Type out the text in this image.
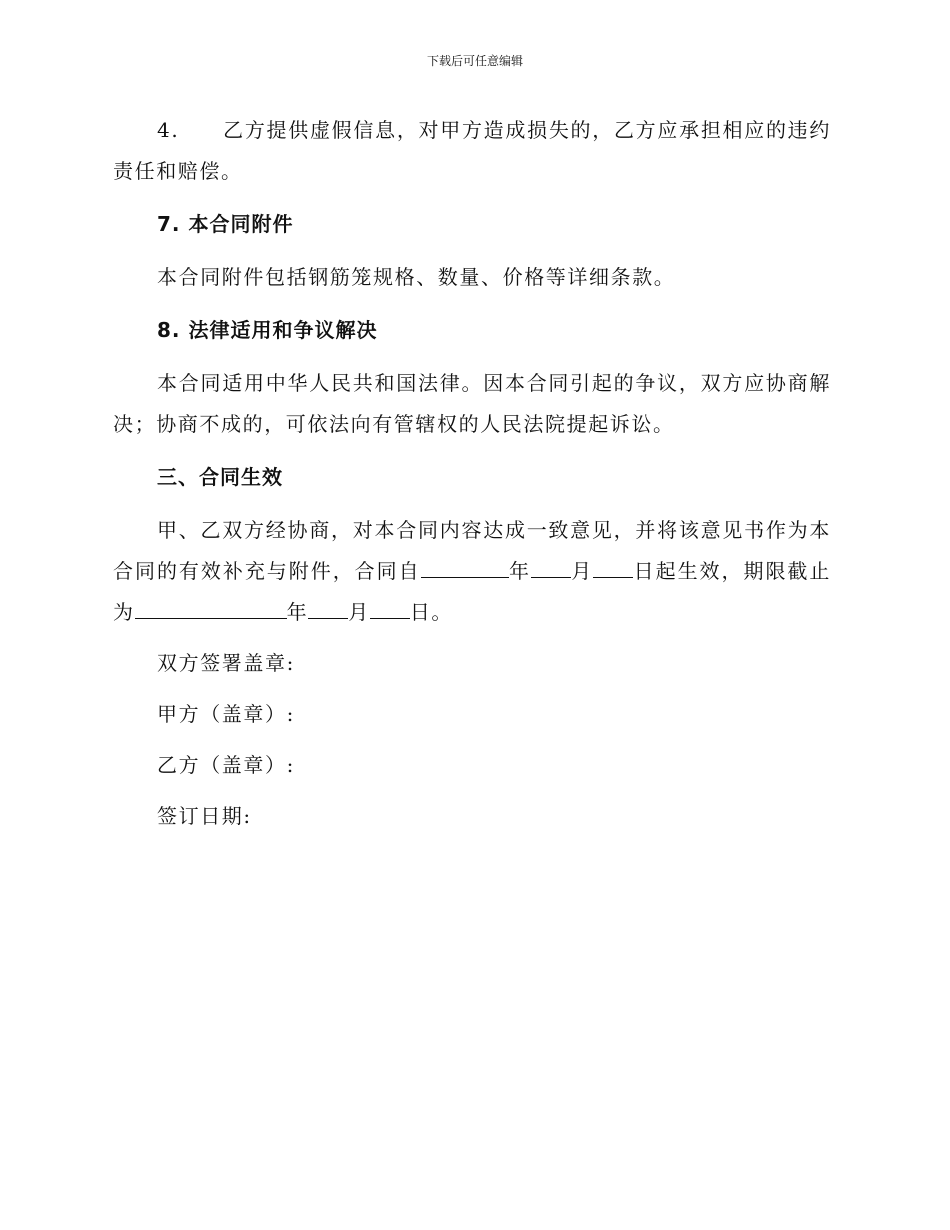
下载后可任意编辑

4. 乙方提供虚假信息，对甲方造成损失的，乙方应承担相应的违约责任和赔偿。

7. 本合同附件

本合同附件包括钢筋笼规格、数量、价格等详细条款。

8. 法律适用和争议解决

本合同适用中华人民共和国法律。因本合同引起的争议，双方应协商解决；协商不成的，可依法向有管辖权的人民法院提起诉讼。

三、合同生效

甲、乙双方经协商，对本合同内容达成一致意见，并将该意见书作为本合同的有效补充与附件，合同自	年 月 日起生效，期限截止为	年 月 日。

双方签署盖章:

甲方（盖章）:

乙方（盖章）:

签订日期:
